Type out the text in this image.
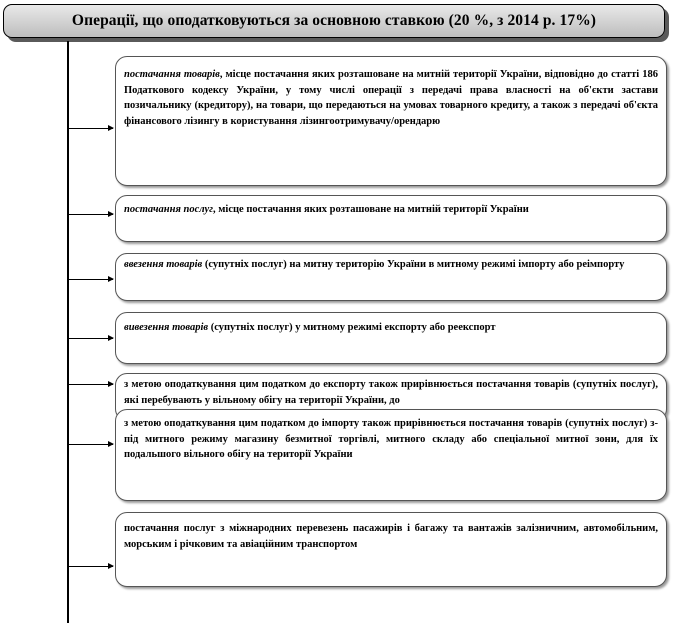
Операції, що оподатковуються за основною ставкою (20 %, з 2014 р. 17%)
постачання товарів, місце постачання яких розташоване на митній території України, відповідно до статті 186 Податкового кодексу України, у тому числі операції з передачі права власності на об'єкти застави позичальнику (кредитору), на товари, що передаються на умовах товарного кредиту, а також з передачі об'єкта фінансового лізингу в користування лізингоотримувачу/орендарю
постачання послуг, місце постачання яких розташоване на митній території України
ввезення товарів (супутніх послуг) на митну територію України в митному режимі імпорту або реімпорту
вивезення товарів (супутніх послуг) у митному режимі експорту або реекспорт
з метою оподаткування цим податком до експорту також прирівнюється постачання товарів (супутніх послуг), які перебувають у вільному обігу на території України, до
з метою оподаткування цим податком до імпорту також прирівнюється постачання товарів (супутніх послуг) з-під митного режиму магазину безмитної торгівлі, митного складу або спеціальної митної зони, для їх подальшого вільного обігу на території України
постачання послуг з міжнародних перевезень пасажирів і багажу та вантажів залізничним, автомобільним, морським і річковим та авіаційним транспортом
